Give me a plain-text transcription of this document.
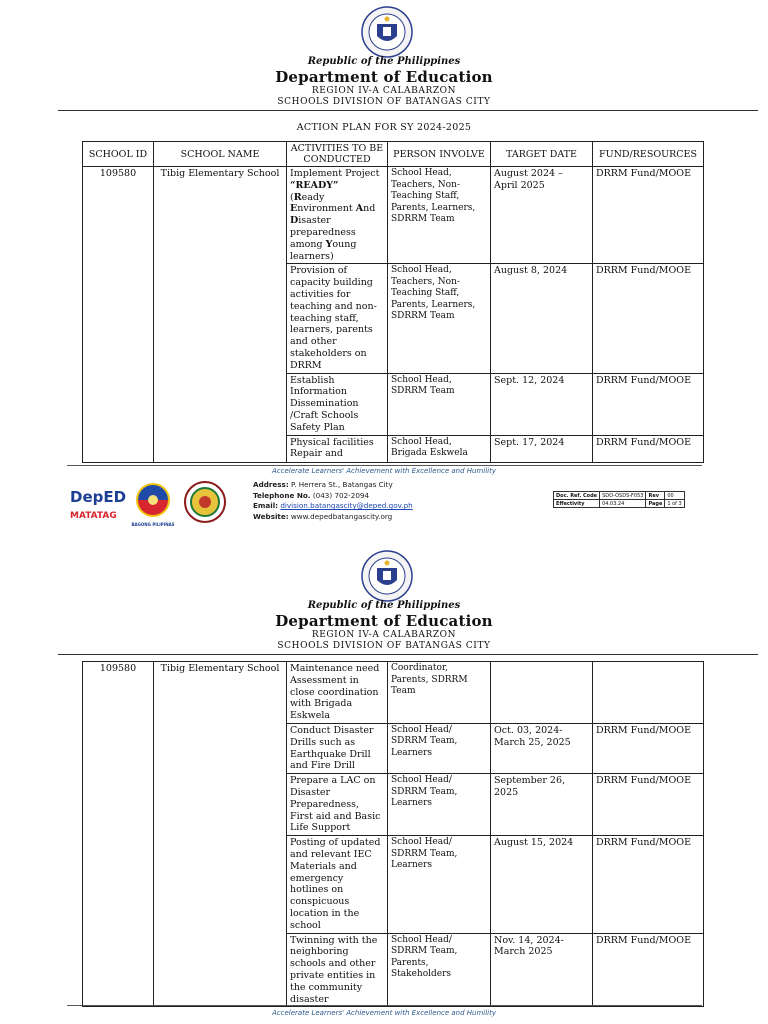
Republic of the Philippines
Department of Education
REGION IV-A CALABARZON
SCHOOLS DIVISION OF BATANGAS CITY
ACTION PLAN FOR SY 2024-2025
SCHOOL ID	SCHOOL NAME	ACTIVITIES TO BE CONDUCTED	PERSON INVOLVE	TARGET DATE	FUND/RESOURCES
109580	Tibig Elementary School	Implement Project “READY”
(Ready
Environment And
Disaster preparedness among Young learners)	School Head, Teachers, Non-Teaching Staff, Parents, Learners, SDRRM Team	August 2024 – April 2025	DRRM Fund/MOOE
		Provision of capacity building activities for teaching and non-teaching staff, learners, parents and other stakeholders on DRRM	School Head, Teachers, Non-Teaching Staff, Parents, Learners, SDRRM Team	August 8, 2024	DRRM Fund/MOOE
		Establish Information Dissemination /Craft Schools Safety Plan	School Head, SDRRM Team	Sept. 12, 2024	DRRM Fund/MOOE
		Physical facilities Repair and	School Head, Brigada Eskwela	Sept. 17, 2024	DRRM Fund/MOOE
Accelerate Learners' Achievement with Excellence and Humility
DepED
MATATAG
BAGONG PILIPINAS
Address: P. Herrera St., Batangas City
Telephone No. (043) 702-2094
Email: division.batangascity@deped.gov.ph
Website: www.depedbatangascity.org
Doc. Ref. Code	SDO-OSDS-F053	Rev	00
Effectivity	04.03.24	Page	1 of 3
Republic of the Philippines
Department of Education
REGION IV-A CALABARZON
SCHOOLS DIVISION OF BATANGAS CITY
109580	Tibig Elementary School	Maintenance need Assessment in close coordination with Brigada Eskwela	Coordinator, Parents, SDRRM Team		
		Conduct Disaster Drills such as Earthquake Drill and Fire Drill	School Head/ SDRRM Team, Learners	Oct. 03, 2024- March 25, 2025	DRRM Fund/MOOE
		Prepare a LAC on Disaster Preparedness, First aid and Basic Life Support	School Head/ SDRRM Team, Learners	September 26, 2025	DRRM Fund/MOOE
		Posting of updated and relevant IEC Materials and emergency hotlines on conspicuous location in the school	School Head/ SDRRM Team, Learners	August 15, 2024	DRRM Fund/MOOE
		Twinning with the neighboring schools and other private entities in the community disaster	School Head/ SDRRM Team, Parents, Stakeholders	Nov. 14, 2024- March 2025	DRRM Fund/MOOE
Accelerate Learners' Achievement with Excellence and Humility
